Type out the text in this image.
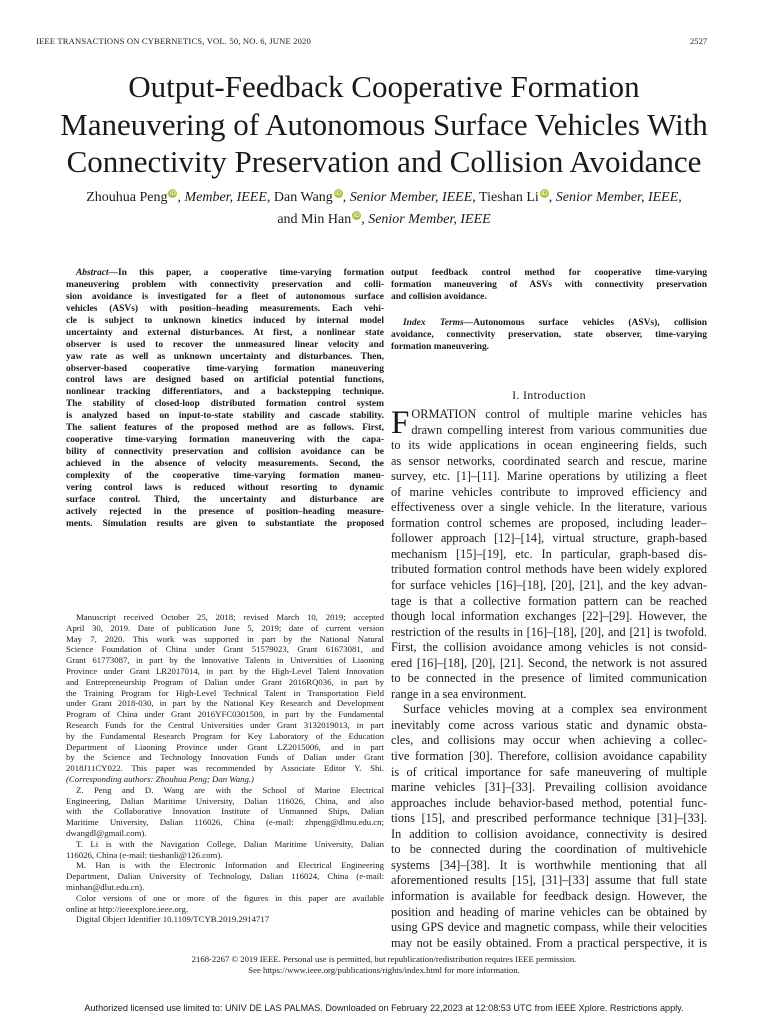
IEEE TRANSACTIONS ON CYBERNETICS, VOL. 50, NO. 6, JUNE 2020	2527
Output-Feedback Cooperative Formation
Maneuvering of Autonomous Surface Vehicles With
Connectivity Preservation and Collision Avoidance
Zhouhua Peng iD, Member, IEEE, Dan Wang iD, Senior Member, IEEE, Tieshan Li iD, Senior Member, IEEE,
and Min Han iD, Senior Member, IEEE
Abstract—In this paper, a cooperative time-varying formation
maneuvering problem with connectivity preservation and colli-
sion avoidance is investigated for a fleet of autonomous surface
vehicles (ASVs) with position–heading measurements. Each vehi-
cle is subject to unknown kinetics induced by internal model
uncertainty and external disturbances. At first, a nonlinear state
observer is used to recover the unmeasured linear velocity and
yaw rate as well as unknown uncertainty and disturbances. Then,
observer-based cooperative time-varying formation maneuvering
control laws are designed based on artificial potential functions,
nonlinear tracking differentiators, and a backstepping technique.
The stability of closed-loop distributed formation control system
is analyzed based on input-to-state stability and cascade stability.
The salient features of the proposed method are as follows. First,
cooperative time-varying formation maneuvering with the capa-
bility of connectivity preservation and collision avoidance can be
achieved in the absence of velocity measurements. Second, the
complexity of the cooperative time-varying formation maneu-
vering control laws is reduced without resorting to dynamic
surface control. Third, the uncertainty and disturbance are
actively rejected in the presence of position–heading measure-
ments. Simulation results are given to substantiate the proposed
Manuscript received October 25, 2018; revised March 10, 2019; accepted
April 30, 2019. Date of publication June 5, 2019; date of current version
May 7, 2020. This work was supported in part by the National Natural
Science Foundation of China under Grant 51579023, Grant 61673081, and
Grant 61773087, in part by the Innovative Talents in Universities of Liaoning
Province under Grant LR2017014, in part by the High-Level Talent Innovation
and Entrepreneurship Program of Dalian under Grant 2016RQ036, in part by
the Training Program for High-Level Technical Talent in Transportation Field
under Grant 2018-030, in part by the National Key Research and Development
Program of China under Grant 2016YFC0301500, in part by the Fundamental
Research Funds for the Central Universities under Grant 3132019013, in part
by the Fundamental Research Program for Key Laboratory of the Education
Department of Liaoning Province under Grant LZ2015006, and in part
by the Science and Technology Innovation Funds of Dalian under Grant
2018J11CY022. This paper was recommended by Associate Editor Y. Shi.
(Corresponding authors: Zhouhua Peng; Dan Wang.)
Z. Peng and D. Wang are with the School of Marine Electrical
Engineering, Dalian Maritime University, Dalian 116026, China, and also
with the Collaborative Innovation Institute of Unmanned Ships, Dalian
Maritime University, Dalian 116026, China (e-mail: zhpeng@dlmu.edu.cn;
dwangdl@gmail.com).
T. Li is with the Navigation College, Dalian Maritime University, Dalian
116026, China (e-mail: tieshanli@126.com).
M. Han is with the Electronic Information and Electrical Engineering
Department, Dalian University of Technology, Dalian 116024, China (e-mail:
minhan@dlut.edu.cn).
Color versions of one or more of the figures in this paper are available
online at http://ieeexplore.ieee.org.
Digital Object Identifier 10.1109/TCYB.2019.2914717
output feedback control method for cooperative time-varying
formation maneuvering of ASVs with connectivity preservation
and collision avoidance.
Index Terms—Autonomous surface vehicles (ASVs), collision
avoidance, connectivity preservation, state observer, time-varying
formation maneuvering.
I. Introduction
F ORMATION control of multiple marine vehicles has
drawn compelling interest from various communities due
to its wide applications in ocean engineering fields, such
as sensor networks, coordinated search and rescue, marine
survey, etc. [1]–[11]. Marine operations by utilizing a fleet
of marine vehicles contribute to improved efficiency and
effectiveness over a single vehicle. In the literature, various
formation control schemes are proposed, including leader–
follower approach [12]–[14], virtual structure, graph-based
mechanism [15]–[19], etc. In particular, graph-based dis-
tributed formation control methods have been widely explored
for surface vehicles [16]–[18], [20], [21], and the key advan-
tage is that a collective formation pattern can be reached
though local information exchanges [22]–[29]. However, the
restriction of the results in [16]–[18], [20], and [21] is twofold.
First, the collision avoidance among vehicles is not consid-
ered [16]–[18], [20], [21]. Second, the network is not assured
to be connected in the presence of limited communication
range in a sea environment.
Surface vehicles moving at a complex sea environment
inevitably come across various static and dynamic obsta-
cles, and collisions may occur when achieving a collec-
tive formation [30]. Therefore, collision avoidance capability
is of critical importance for safe maneuvering of multiple
marine vehicles [31]–[33]. Prevailing collision avoidance
approaches include behavior-based method, potential func-
tions [15], and prescribed performance technique [31]–[33].
In addition to collision avoidance, connectivity is desired
to be connected during the coordination of multivehicle
systems [34]–[38]. It is worthwhile mentioning that all
aforementioned results [15], [31]–[33] assume that full state
information is available for feedback design. However, the
position and heading of marine vehicles can be obtained by
using GPS device and magnetic compass, while their velocities
may not be easily obtained. From a practical perspective, it is
2168-2267 © 2019 IEEE. Personal use is permitted, but republication/redistribution requires IEEE permission.
See https://www.ieee.org/publications/rights/index.html for more information.
Authorized licensed use limited to: UNIV DE LAS PALMAS. Downloaded on February 22,2023 at 12:08:53 UTC from IEEE Xplore. Restrictions apply.
